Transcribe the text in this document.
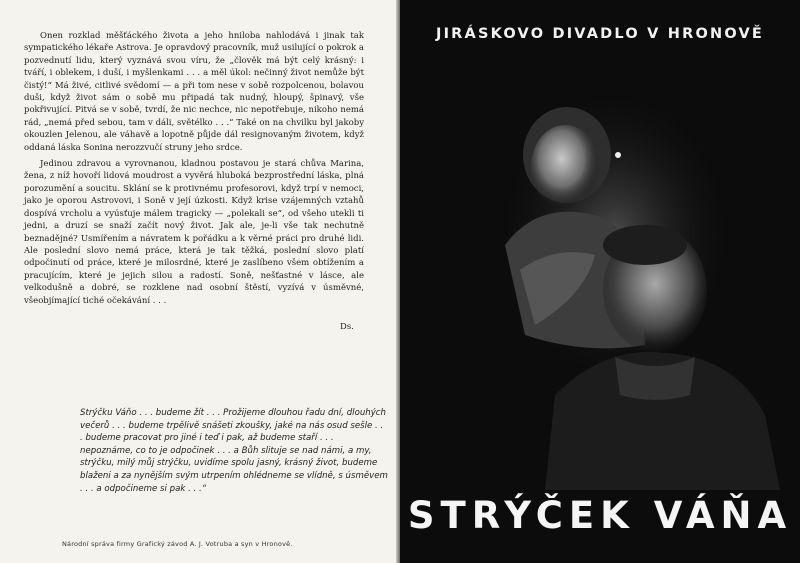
Onen rozklad měšťáckého života a jeho hniloba nahlodává i jinak tak sympatického lékaře Astrova. Je opravdový pracovník, muž usilující o pokrok a pozvednutí lidu, který vyznává svou víru, že „člověk má být celý krásný: i tváří, i oblekem, i duší, i myšlenkami . . . a měl úkol: nečinný život nemůže být čistý!“ Má živé, citlivé svědomí — a při tom nese v sobě rozpolcenou, bolavou duši, když život sám o sobě mu připadá tak nudný, hloupý, špinavý, vše pokřivující. Pitvá se v sobě, tvrdí, že nic nechce, nic nepotřebuje, nikoho nemá rád, „nemá před sebou, tam v dáli, světélko . . .“ Také on na chvilku byl jakoby okouzlen Jelenou, ale váhavě a lopotně půjde dál resignovaným životem, když oddaná láska Sonina nerozzvučí struny jeho srdce.

Jedinou zdravou a vyrovnanou, kladnou postavou je stará chůva Marina, žena, z níž hovoří lidová moudrost a vyvěrá hluboká bezprostřední láska, plná porozumění a soucitu. Sklání se k protivnému profesorovi, když trpí v nemoci, jako je oporou Astrovovi, i Soně v její úzkosti. Když krise vzájemných vztahů dospívá vrcholu a vyúsťuje málem tragicky — „polekali se“, od všeho utekli ti jedni, a druzí se snaží začít nový život. Jak ale, je-li vše tak nechutně beznadějné? Usmířením a návratem k pořádku a k věrné práci pro druhé lidi. Ale poslední slovo nemá práce, která je tak těžká, poslední slovo platí odpočinutí od práce, které je milosrdné, které je zaslíbeno všem obtížením a pracujícím, které je jejich silou a radostí. Soně, nešťastné v lásce, ale velkodušně a dobré, se rozklene nad osobní štěstí, vyzívá v úsměvné, všeobjímající tiché očekávání . . .

Ds.
Strýčku Váňo . . . budeme žít . . . Prožijeme dlouhou řadu dní, dlouhých večerů . . . budeme trpělivě snášeti zkoušky, jaké na nás osud sešle . . . budeme pracovat pro jiné i teď i pak, až budeme staří . . . nepoznáme, co to je odpočinek . . . a Bůh slituje se nad námi, a my, strýčku, milý můj strýčku, uvidíme spolu jasný, krásný život, budeme blaženi a za nynějším svým utrpením ohlédneme se vlídně, s úsměvem . . . a odpočineme si pak . . .“
Národní správa firmy Grafický závod A. J. Votruba a syn v Hronově.
JIRÁSKOVO DIVADLO V HRONOVĚ
STRÝČEK VÁŇA
